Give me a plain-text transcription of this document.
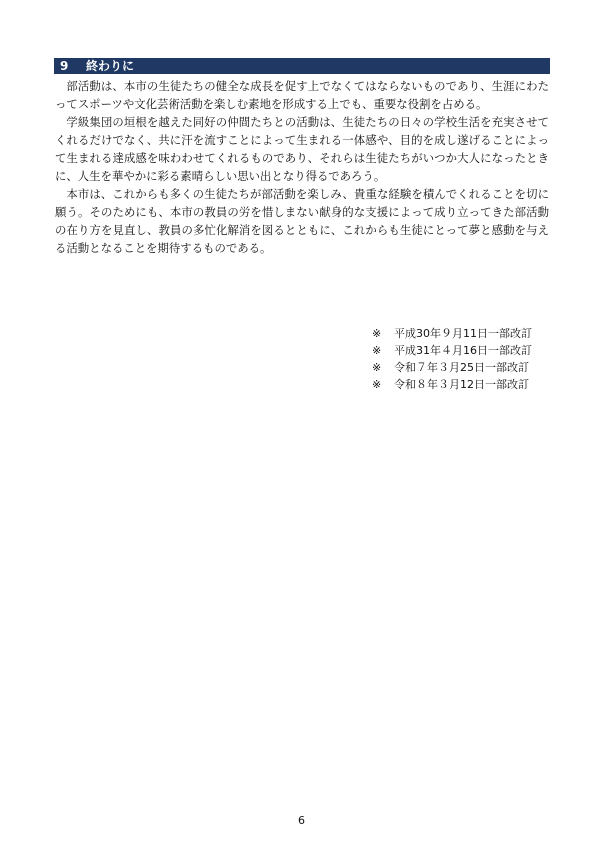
9 終わりに

部活動は、本市の生徒たちの健全な成長を促す上でなくてはならないものであり、生涯にわたってスポーツや文化芸術活動を楽しむ素地を形成する上でも、重要な役割を占める。

学級集団の垣根を越えた同好の仲間たちとの活動は、生徒たちの日々の学校生活を充実させてくれるだけでなく、共に汗を流すことによって生まれる一体感や、目的を成し遂げることによって生まれる達成感を味わわせてくれるものであり、それらは生徒たちがいつか大人になったときに、人生を華やかに彩る素晴らしい思い出となり得るであろう。

本市は、これからも多くの生徒たちが部活動を楽しみ、貴重な経験を積んでくれることを切に願う。そのためにも、本市の教員の労を惜しまない献身的な支援によって成り立ってきた部活動の在り方を見直し、教員の多忙化解消を図るとともに、これからも生徒にとって夢と感動を与える活動となることを期待するものである。

※ 平成30年９月11日一部改訂
※ 平成31年４月16日一部改訂
※ 令和７年３月25日一部改訂
※ 令和８年３月12日一部改訂
6
